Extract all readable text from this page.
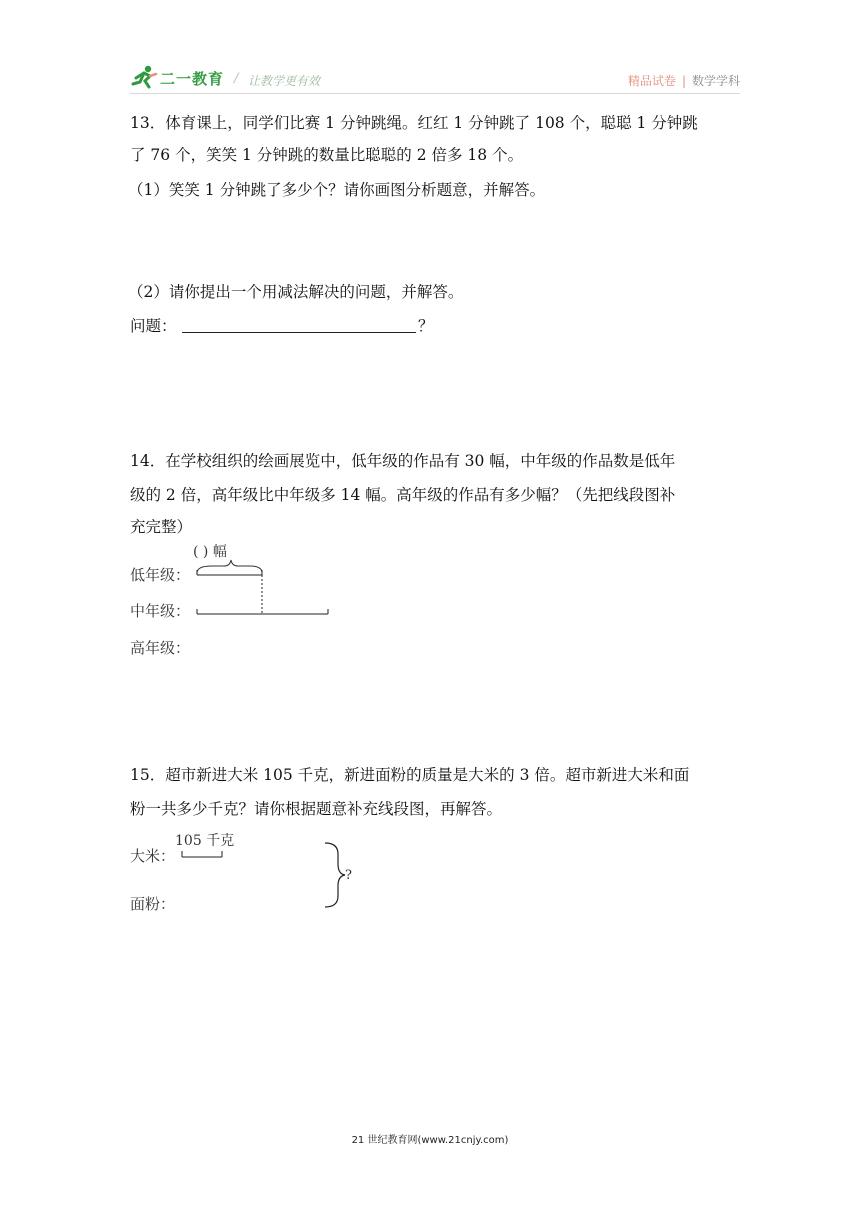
二一教育 / 让教学更有效	精品试卷 | 数学学科
13．体育课上，同学们比赛 1 分钟跳绳。红红 1 分钟跳了 108 个，聪聪 1 分钟跳
了 76 个，笑笑 1 分钟跳的数量比聪聪的 2 倍多 18 个。
（1）笑笑 1 分钟跳了多少个？请你画图分析题意，并解答。
（2）请你提出一个用减法解决的问题，并解答。
问题：	？
14．在学校组织的绘画展览中，低年级的作品有 30 幅，中年级的作品数是低年
级的 2 倍，高年级比中年级多 14 幅。高年级的作品有多少幅？（先把线段图补
充完整）
( ) 幅
低年级：
中年级：
高年级：
15．超市新进大米 105 千克，新进面粉的质量是大米的 3 倍。超市新进大米和面
粉一共多少千克？请你根据题意补充线段图，再解答。
105 千克
大米：
面粉：
?
21 世纪教育网(www.21cnjy.com)
